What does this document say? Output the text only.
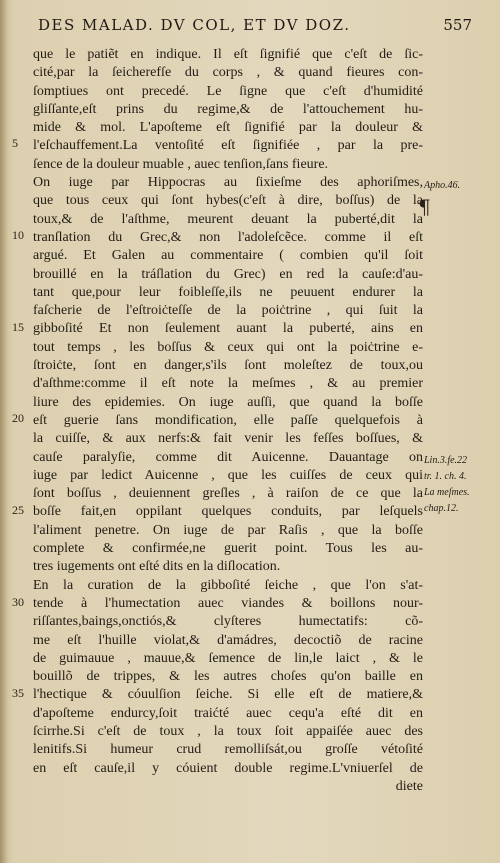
DES MALAD. DV COL, ET DV DOZ.	557
que le patiẽt en indique. Il eſt ſignifié que c'eſt de ſic-
cité,par la ſeicherefſe du corps , & quand fieures con-
ſomptiues ont precedé. Le ſigne que c'eſt d'humidité
gliſſante,eſt prins du regime,& de l'attouchement hu-
mide & mol. L'apoſteme eſt ſignifié par la douleur &
l'eſchauffement.La ventoſité eſt ſignifiée , par la pre-
ſence de la douleur muable , auec tenſion,ſans fieure.
On iuge par Hippocras au ſixieſme des aphoriſmes,
que tous ceux qui ſont hybes(c'eſt à dire, boſſus) de la
toux,& de l'aſthme, meurent deuant la puberté,dit la
tranſlation du Grec,& non l'adoleſcẽce. comme il eſt
argué. Et Galen au commentaire ( combien qu'il ſoit
brouillé en la tráſlation du Grec) en red la cauſe:d'au-
tant que,pour leur foibleſſe,ils ne peuuent endurer la
faſcherie de l'eſtroiċteſſe de la poiċtrine , qui ſuit la
gibboſité Et non ſeulement auant la puberté, ains en
tout temps , les boſſus & ceux qui ont la poiċtrine e-
ſtroiċte, ſont en danger,s'ils ſont moleſtez de toux,ou
d'aſthme:comme il eſt note la meſmes , & au premier
liure des epidemies. On iuge auſſi, que quand la boſſe
eſt guerie ſans mondification, elle paſſe quelquefois à
la cuiſſe, & aux nerfs:& fait venir les feſſes boſſues, &
cauſe paralyſie, comme dit Auicenne. Dauantage on
iuge par ledict Auicenne , que les cuiſſes de ceux qui
ſont boſſus , deuiennent greſles , à raiſon de ce que la
boſſe fait,en oppilant quelques conduits, par leſquels
l'aliment penetre. On iuge de par Raſis , que la boſſe
complete & confirmée,ne guerit point. Tous les au-
tres iugements ont eſté dits en la diſlocation.
En la curation de la gibboſité ſeiche , que l'on s'at-
tende à l'humectation auec viandes & boillons nour-
riſſantes,baings,onctiós,& clyſteres humectatifs: cõ-
me eſt l'huille violat,& d'amádres, decoctiõ de racine
de guimauue , mauue,& ſemence de lin,le laict , & le
bouillõ de trippes, & les autres choſes qu'on baille en
l'hectique & cóuulſion ſeiche. Si elle eſt de matiere,&
d'apoſteme endurcy,ſoit traićté auec cequ'a eſté dit en
ſcirrhe.Si c'eſt de toux , la toux ſoit appaiſée auec des
lenitifs.Si humeur crud remolliſsát,ou groſſe vétoſité
en eſt cauſe,il y cóuient double regime.L'vniuerſel de
diete
5
10
15
20
25
30
35
Apho.46.
¶
Lin.3.fe.22
tr. 1. ch. 4.
La meſmes.
chap.12.
